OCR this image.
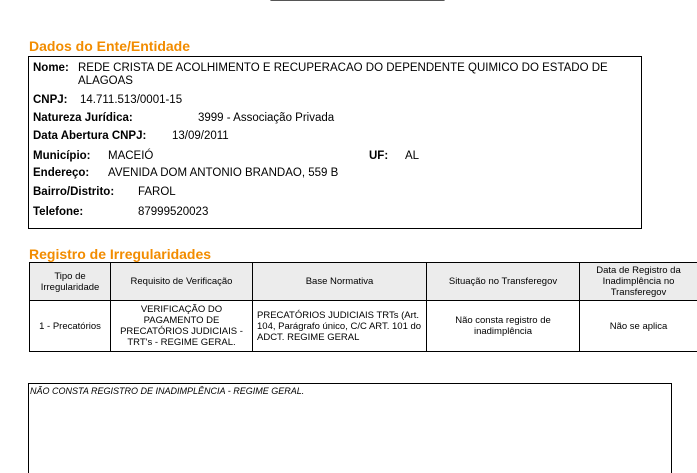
Dados do Ente/Entidade
Nome: REDE CRISTA DE ACOLHIMENTO E RECUPERACAO DO DEPENDENTE QUIMICO DO ESTADO DE
ALAGOAS
CNPJ: 14.711.513/0001-15
Natureza Jurídica:	3999 - Associação Privada
Data Abertura CNPJ: 13/09/2011
Município: MACEIÓ	UF: AL
Endereço: AVENIDA DOM ANTONIO BRANDAO, 559 B
Bairro/Distrito: FAROL
Telefone:	87999520023
Registro de Irregularidades
Tipo de Irregularidade	Requisito de Verificação	Base Normativa	Situação no Transferegov	Data de Registro da Inadimplência no Transferegov
1 - Precatórios	VERIFICAÇÃO DO PAGAMENTO DE PRECATÓRIOS JUDICIAIS - TRT's - REGIME GERAL.	PRECATÓRIOS JUDICIAIS TRTs (Art. 104, Parágrafo único, C/C ART. 101 do ADCT. REGIME GERAL	Não consta registro de inadimplência	Não se aplica
NÃO CONSTA REGISTRO DE INADIMPLÊNCIA - REGIME GERAL.
